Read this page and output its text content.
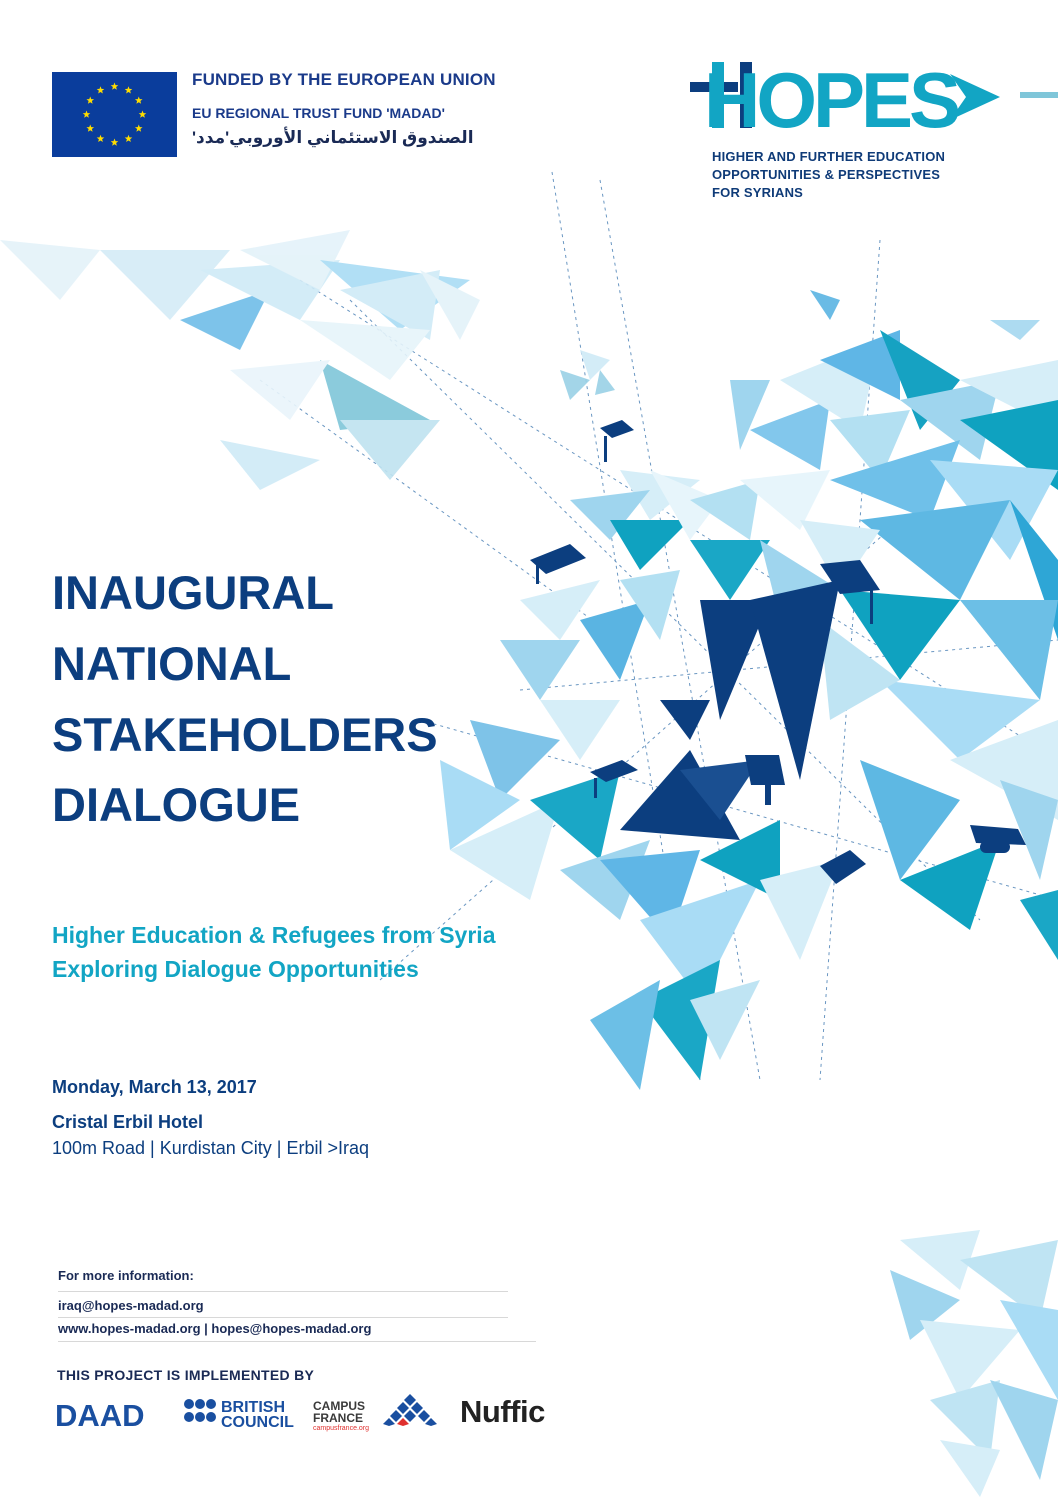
FUNDED BY THE EUROPEAN UNION
EU REGIONAL TRUST FUND 'MADAD'
الصندوق الاستئماني الأوروبي'مدد'	HOPES
HIGHER AND FURTHER EDUCATION
OPPORTUNITIES & PERSPECTIVES
FOR SYRIANS
INAUGURAL
NATIONAL
STAKEHOLDERS
DIALOGUE
Higher Education & Refugees from Syria
Exploring Dialogue Opportunities
Monday, March 13, 2017
Cristal Erbil Hotel
100m Road | Kurdistan City | Erbil >Iraq
For more information:
iraq@hopes-madad.org
www.hopes-madad.org | hopes@hopes-madad.org
THIS PROJECT IS IMPLEMENTED BY
DAAD	BRITISH
COUNCIL
CAMPUS
FRANCE
campusfrance.org	Nuffic
